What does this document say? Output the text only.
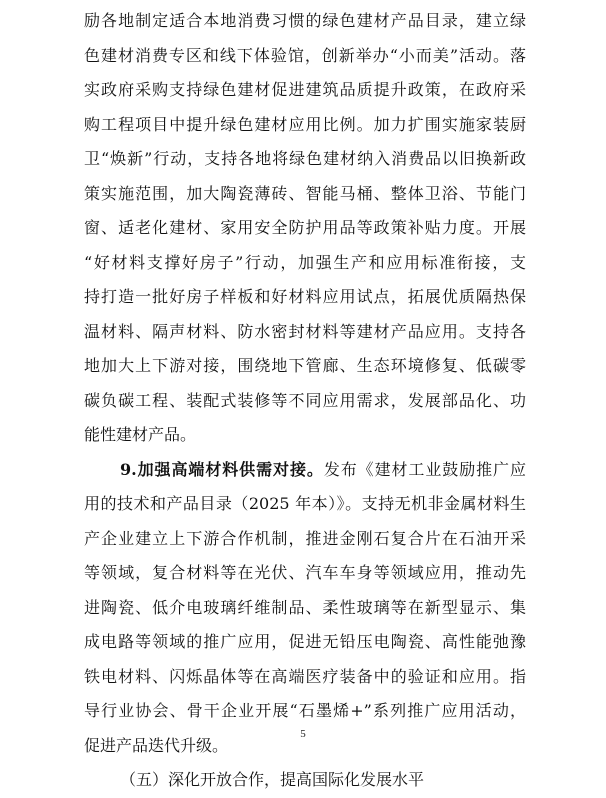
励各地制定适合本地消费习惯的绿色建材产品目录，建立绿
色建材消费专区和线下体验馆，创新举办“小而美”活动。落
实政府采购支持绿色建材促进建筑品质提升政策，在政府采
购工程项目中提升绿色建材应用比例。加力扩围实施家装厨
卫“焕新”行动，支持各地将绿色建材纳入消费品以旧换新政
策实施范围，加大陶瓷薄砖、智能马桶、整体卫浴、节能门
窗、适老化建材、家用安全防护用品等政策补贴力度。开展
“好材料支撑好房子”行动，加强生产和应用标准衔接，支
持打造一批好房子样板和好材料应用试点，拓展优质隔热保
温材料、隔声材料、防水密封材料等建材产品应用。支持各
地加大上下游对接，围绕地下管廊、生态环境修复、低碳零
碳负碳工程、装配式装修等不同应用需求，发展部品化、功
能性建材产品。
9.加强高端材料供需对接。发布《建材工业鼓励推广应
用的技术和产品目录（2025 年本）》。支持无机非金属材料生
产企业建立上下游合作机制，推进金刚石复合片在石油开采
等领域，复合材料等在光伏、汽车车身等领域应用，推动先
进陶瓷、低介电玻璃纤维制品、柔性玻璃等在新型显示、集
成电路等领域的推广应用，促进无铅压电陶瓷、高性能弛豫
铁电材料、闪烁晶体等在高端医疗装备中的验证和应用。指
导行业协会、骨干企业开展“石墨烯+”系列推广应用活动，
促进产品迭代升级。
（五）深化开放合作，提高国际化发展水平
5
